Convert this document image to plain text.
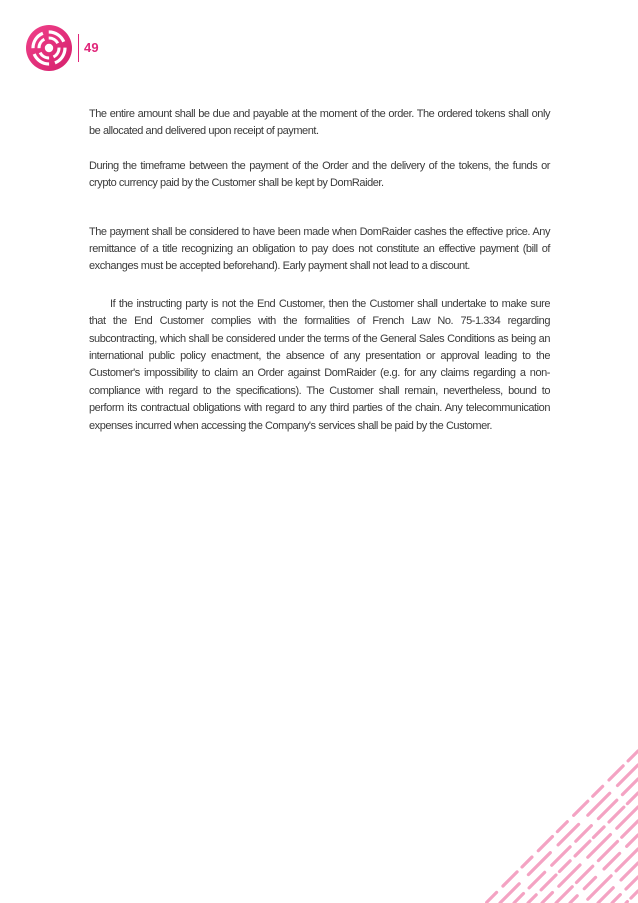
49

The entire amount shall be due and payable at the moment of the order. The ordered tokens shall only be allocated and delivered upon receipt of payment.

During the timeframe between the payment of the Order and the delivery of the tokens, the funds or crypto currency paid by the Customer shall be kept by DomRaider.

The payment shall be considered to have been made when DomRaider cashes the effective price. Any remittance of a title recognizing an obligation to pay does not constitute an effective payment (bill of exchanges must be accepted beforehand). Early payment shall not lead to a discount.

If the instructing party is not the End Customer, then the Customer shall undertake to make sure that the End Customer complies with the formalities of French Law No. 75-1.334 regarding subcontracting, which shall be considered under the terms of the General Sales Conditions as being an international public policy enactment, the absence of any presentation or approval leading to the Customer's impossibility to claim an Order against DomRaider (e.g. for any claims regarding a non-compliance with regard to the specifications). The Customer shall remain, nevertheless, bound to perform its contractual obligations with regard to any third parties of the chain. Any telecommunication expenses incurred when accessing the Company's services shall be paid by the Customer.
